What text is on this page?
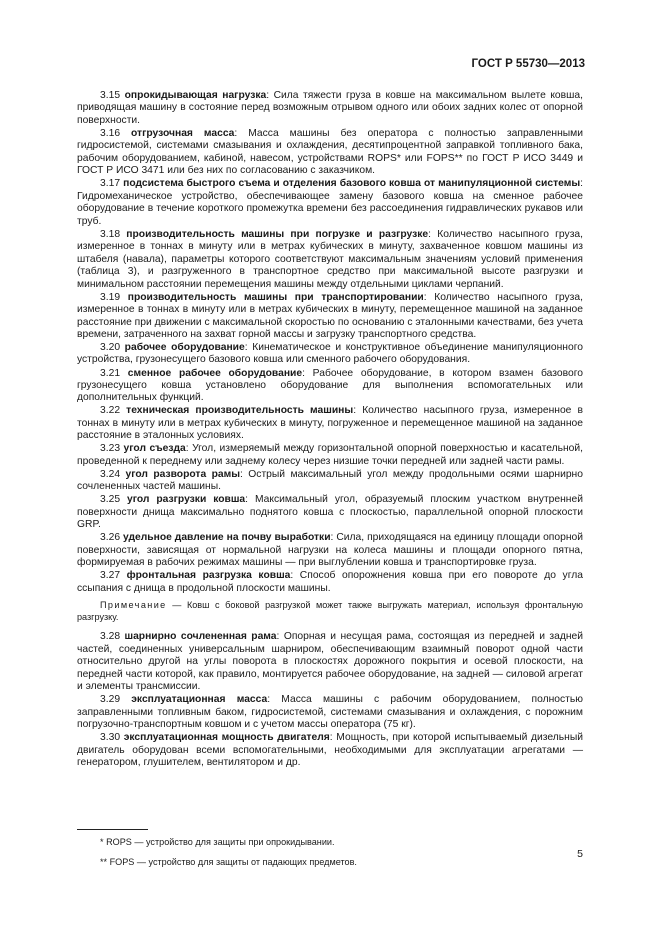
ГОСТ Р 55730—2013

3.15 опрокидывающая нагрузка: Сила тяжести груза в ковше на максимальном вылете ковша, приводящая машину в состояние перед возможным отрывом одного или обоих задних колес от опорной поверхности.

3.16 отгрузочная масса: Масса машины без оператора с полностью заправленными гидросистемой, системами смазывания и охлаждения, десятипроцентной заправкой топливного бака, рабочим оборудованием, кабиной, навесом, устройствами ROPS* или FOPS** по ГОСТ Р ИСО 3449 и ГОСТ Р ИСО 3471 или без них по согласованию с заказчиком.

3.17 подсистема быстрого съема и отделения базового ковша от манипуляционной системы: Гидромеханическое устройство, обеспечивающее замену базового ковша на сменное рабочее оборудование в течение короткого промежутка времени без рассоединения гидравлических рукавов или труб.

3.18 производительность машины при погрузке и разгрузке: Количество насыпного груза, измеренное в тоннах в минуту или в метрах кубических в минуту, захваченное ковшом машины из штабеля (навала), параметры которого соответствуют максимальным значениям условий применения (таблица 3), и разгруженного в транспортное средство при максимальной высоте разгрузки и минимальном расстоянии перемещения машины между отдельными циклами черпаний.

3.19 производительность машины при транспортировании: Количество насыпного груза, измеренное в тоннах в минуту или в метрах кубических в минуту, перемещенное машиной на заданное расстояние при движении с максимальной скоростью по основанию с эталонными качествами, без учета времени, затраченного на захват горной массы и загрузку транспортного средства.

3.20 рабочее оборудование: Кинематическое и конструктивное объединение манипуляционного устройства, грузонесущего базового ковша или сменного рабочего оборудования.

3.21 сменное рабочее оборудование: Рабочее оборудование, в котором взамен базового грузонесущего ковша установлено оборудование для выполнения вспомогательных или дополнительных функций.

3.22 техническая производительность машины: Количество насыпного груза, измеренное в тоннах в минуту или в метрах кубических в минуту, погруженное и перемещенное машиной на заданное расстояние в эталонных условиях.

3.23 угол съезда: Угол, измеряемый между горизонтальной опорной поверхностью и касательной, проведенной к переднему или заднему колесу через низшие точки передней или задней части рамы.

3.24 угол разворота рамы: Острый максимальный угол между продольными осями шарнирно сочлененных частей машины.

3.25 угол разгрузки ковша: Максимальный угол, образуемый плоским участком внутренней поверхности днища максимально поднятого ковша с плоскостью, параллельной опорной плоскости GRP.

3.26 удельное давление на почву выработки: Сила, приходящаяся на единицу площади опорной поверхности, зависящая от нормальной нагрузки на колеса машины и площади опорного пятна, формируемая в рабочих режимах машины — при выглублении ковша и транспортировке груза.

3.27 фронтальная разгрузка ковша: Способ опорожнения ковша при его повороте до угла ссыпания с днища в продольной плоскости машины.

Примечание — Ковш с боковой разгрузкой может также выгружать материал, используя фронтальную разгрузку.

3.28 шарнирно сочлененная рама: Опорная и несущая рама, состоящая из передней и задней частей, соединенных универсальным шарниром, обеспечивающим взаимный поворот одной части относительно другой на углы поворота в плоскостях дорожного покрытия и осевой плоскости, на передней части которой, как правило, монтируется рабочее оборудование, на задней — силовой агрегат и элементы трансмиссии.

3.29 эксплуатационная масса: Масса машины с рабочим оборудованием, полностью заправленными топливным баком, гидросистемой, системами смазывания и охлаждения, с порожним погрузочно-транспортным ковшом и с учетом массы оператора (75 кг).

3.30 эксплуатационная мощность двигателя: Мощность, при которой испытываемый дизельный двигатель оборудован всеми вспомогательными, необходимыми для эксплуатации агрегатами — генератором, глушителем, вентилятором и др.

* ROPS — устройство для защиты при опрокидывании.
** FOPS — устройство для защиты от падающих предметов.
5
